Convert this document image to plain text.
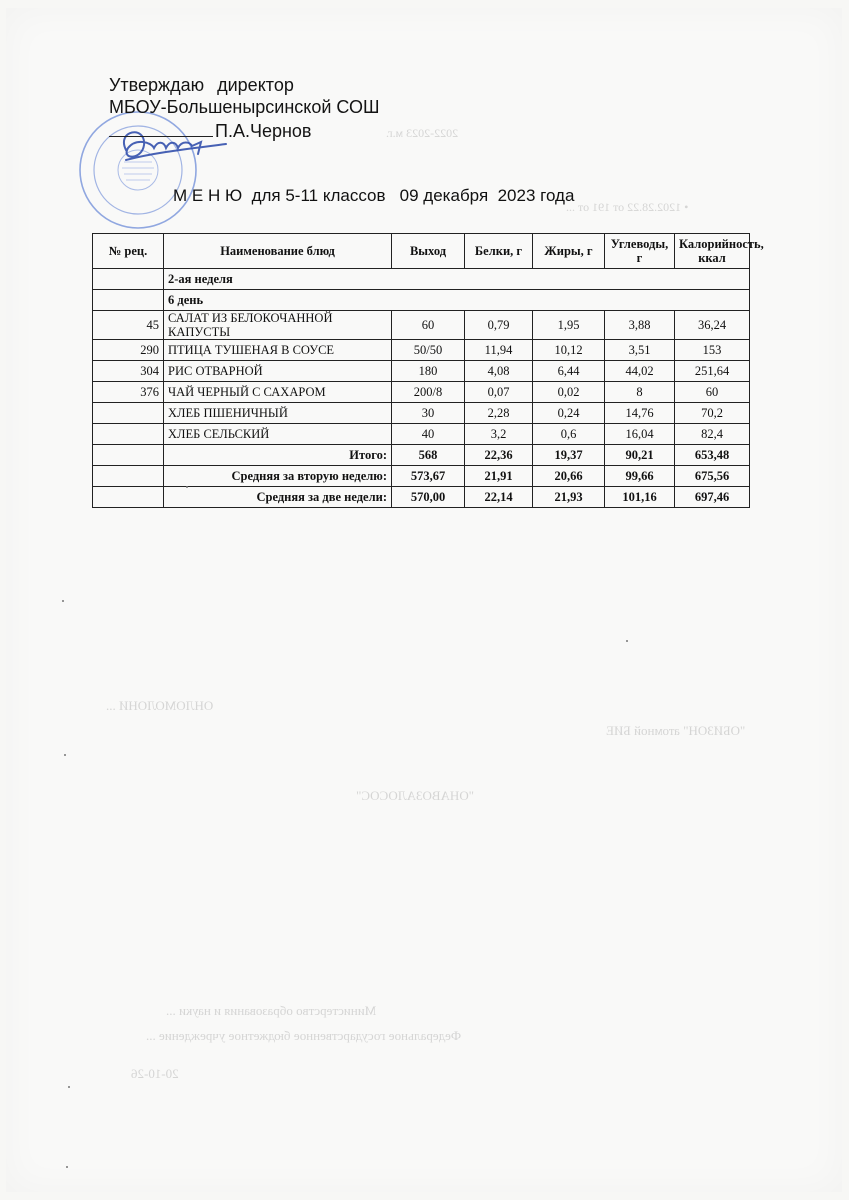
2022-2023 м.г.
• 1202.28.22 от 191 от ...
"ОБИЗОН" атомной БИЕ
ОНЛОМОЛОНИ ...
"ОНАВОЗАЛОСОС"
Министерство образования и науки ...
Федеральное государственное бюджетное учреждение ...
20-10-26
Утверждаю директор
МБОУ-Большенырсинской СОШ
П.А.Чернов
М Е Н Ю  для 5-11 классов   09 декабря  2023 года
№ рец.	Наименование блюд	Выход	Белки, г	Жиры, г	Углеводы, г	Калорийность, ккал
	2-ая неделя					
	6 день					
45	САЛАТ ИЗ БЕЛОКОЧАННОЙ КАПУСТЫ	60	0,79	1,95	3,88	36,24
290	ПТИЦА ТУШЕНАЯ В СОУСЕ	50/50	11,94	10,12	3,51	153
304	РИС ОТВАРНОЙ	180	4,08	6,44	44,02	251,64
376	ЧАЙ ЧЕРНЫЙ С САХАРОМ	200/8	0,07	0,02	8	60
	ХЛЕБ ПШЕНИЧНЫЙ	30	2,28	0,24	14,76	70,2
	ХЛЕБ СЕЛЬСКИЙ	40	3,2	0,6	16,04	82,4
	Итого:	568	22,36	19,37	90,21	653,48
	Средняя за вторую неделю:	573,67	21,91	20,66	99,66	675,56
	Средняя за две недели:	570,00	22,14	21,93	101,16	697,46
